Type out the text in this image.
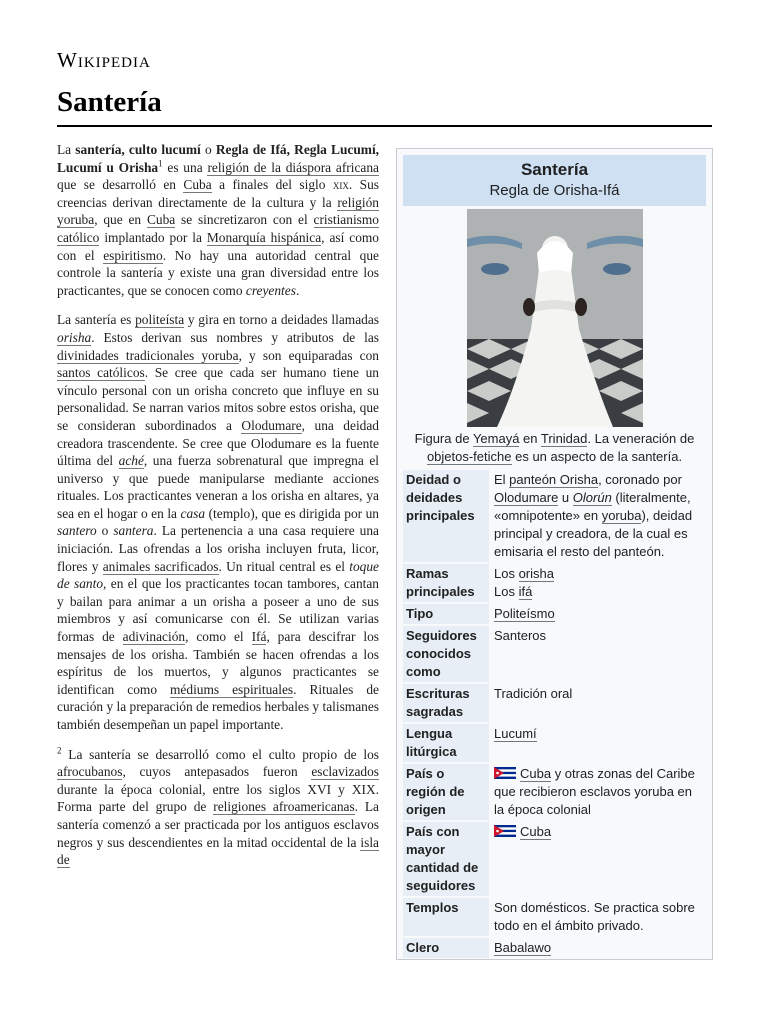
Wikipedia
Santería

La santería, culto lucumí o Regla de Ifá, Regla Lucumí, Lucumí u Orisha$^1$ es una religión de la diáspora africana que se desarrolló en Cuba a finales del siglo xix. Sus creencias derivan directamente de la cultura y la religión yoruba, que en Cuba se sincretizaron con el cristianismo católico implantado por la Monarquía hispánica, así como con el espiritismo. No hay una autoridad central que controle la santería y existe una gran diversidad entre los practicantes, que se conocen como creyentes.

La santería es politeísta y gira en torno a deidades llamadas orisha. Estos derivan sus nombres y atributos de las divinidades tradicionales yoruba, y son equiparadas con santos católicos. Se cree que cada ser humano tiene un vínculo personal con un orisha concreto que influye en su personalidad. Se narran varios mitos sobre estos orisha, que se consideran subordinados a Olodumare, una deidad creadora trascendente. Se cree que Olodumare es la fuente última del aché, una fuerza sobrenatural que impregna el universo y que puede manipularse mediante acciones rituales. Los practicantes veneran a los orisha en altares, ya sea en el hogar o en la casa (templo), que es dirigida por un santero o santera. La pertenencia a una casa requiere una iniciación. Las ofrendas a los orisha incluyen fruta, licor, flores y animales sacrificados. Un ritual central es el toque de santo, en el que los practicantes tocan tambores, cantan y bailan para animar a un orisha a poseer a uno de sus miembros y así comunicarse con él. Se utilizan varias formas de adivinación, como el Ifá, para descifrar los mensajes de los orisha. También se hacen ofrendas a los espíritus de los muertos, y algunos practicantes se identifican como médiums espirituales. Rituales de curación y la preparación de remedios herbales y talismanes también desempeñan un papel importante.

$^2$ La santería se desarrolló como el culto propio de los afrocubanos, cuyos antepasados fueron esclavizados durante la época colonial, entre los siglos XVI y XIX. Forma parte del grupo de religiones afroamericanas. La santería comenzó a ser practicada por los antiguos esclavos negros y sus descendientes en la mitad occidental de la isla de

Santería
Regla de Orisha-Ifá
Figura de Yemayá en Trinidad. La veneración de objetos-fetiche es un aspecto de la santería.
Deidad o deidades principales	El panteón Orisha, coronado por Olodumare u Olorún (literalmente, «omnipotente» en yoruba), deidad principal y creadora, de la cual es emisaria el resto del panteón.
Ramas principales	Los orisha
Los ifá
Tipo	Politeísmo
Seguidores conocidos como	Santeros
Escrituras sagradas	Tradición oral
Lengua litúrgica	Lucumí
País o región de origen	Cuba y otras zonas del Caribe que recibieron esclavos yoruba en la época colonial
País con mayor cantidad de seguidores	Cuba
Templos	Son domésticos. Se practica sobre todo en el ámbito privado.
Clero	Babalawo
